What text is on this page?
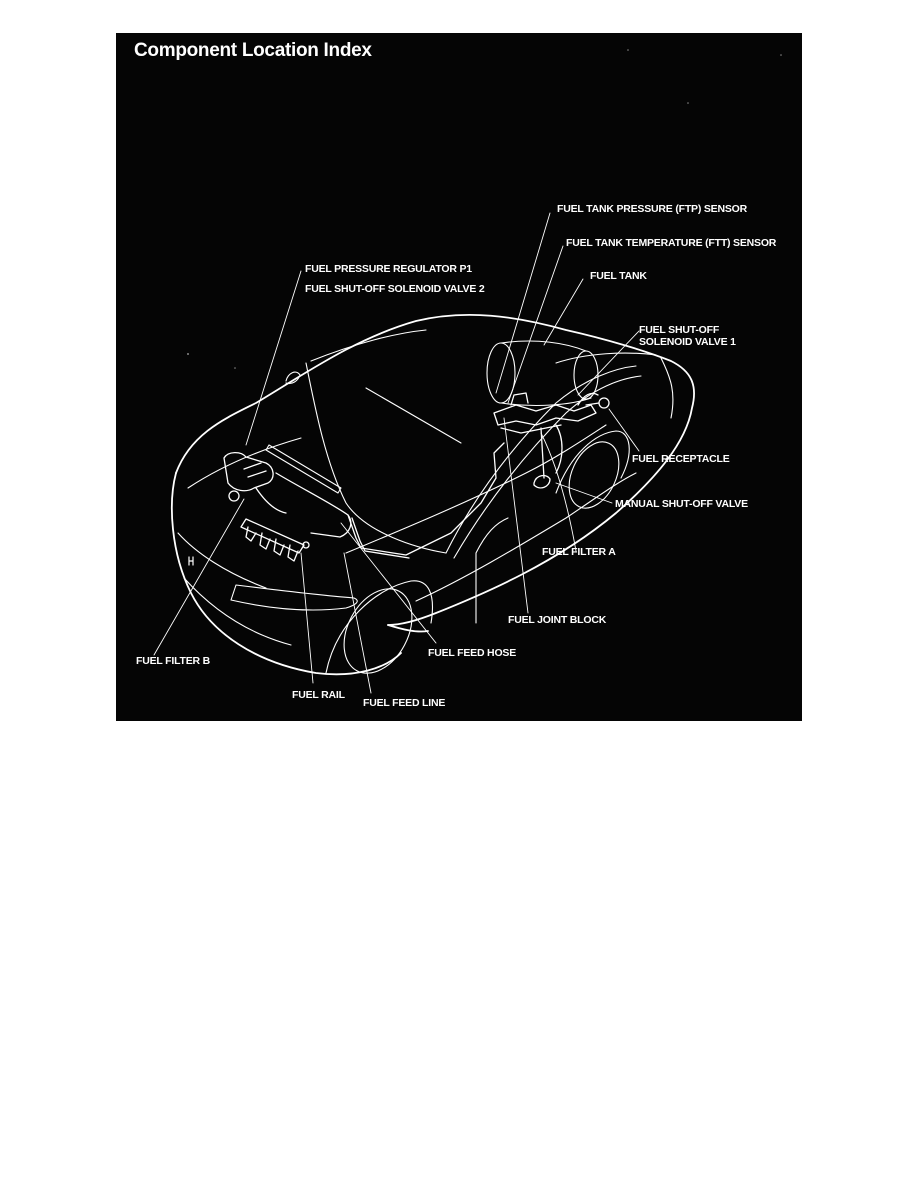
Component Location Index
FUEL TANK PRESSURE (FTP) SENSOR
FUEL TANK TEMPERATURE (FTT) SENSOR
FUEL TANK
FUEL PRESSURE REGULATOR P1
FUEL SHUT-OFF SOLENOID VALVE 2
FUEL SHUT-OFF
SOLENOID VALVE 1
FUEL RECEPTACLE
MANUAL SHUT-OFF VALVE
FUEL FILTER A
FUEL JOINT BLOCK
FUEL FEED HOSE
FUEL FILTER B
FUEL RAIL
FUEL FEED LINE
